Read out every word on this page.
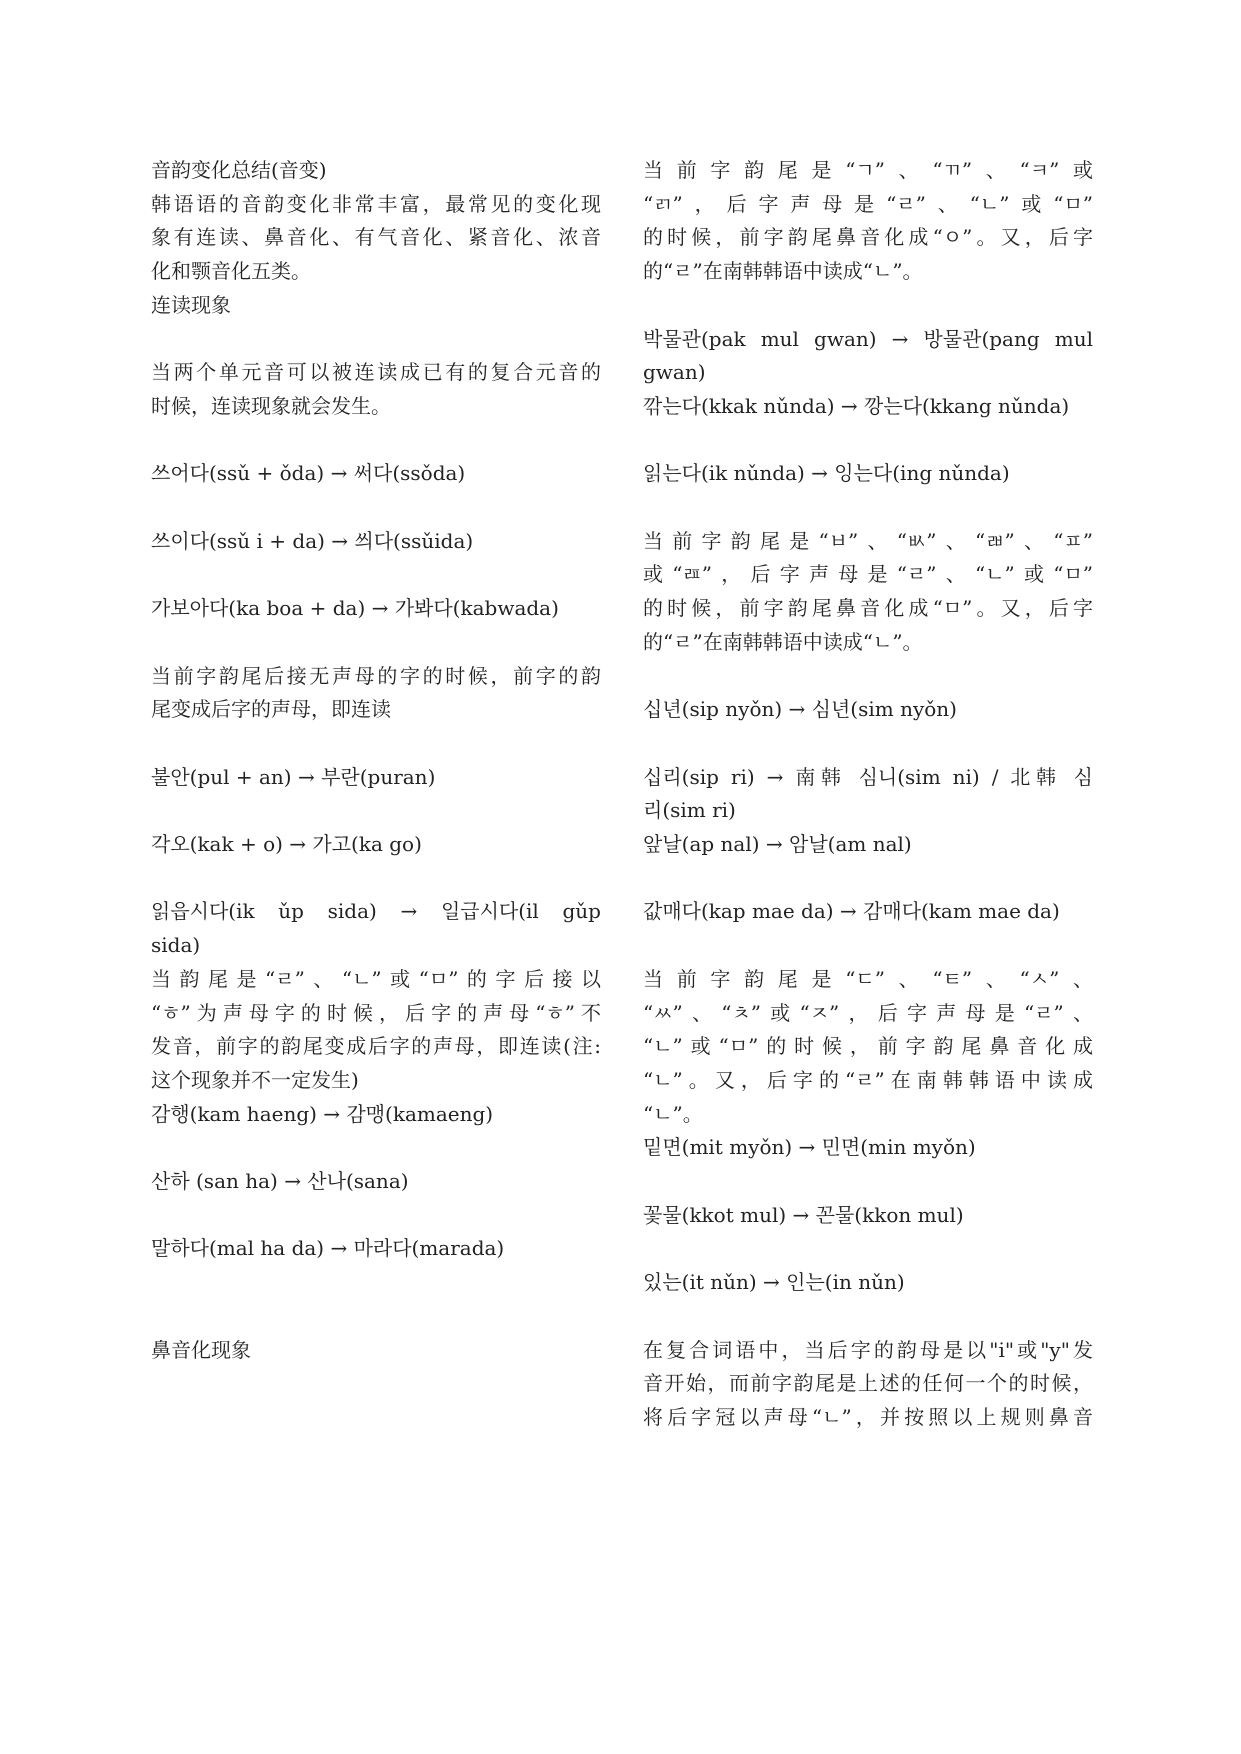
音韵变化总结(音变)
韩语语的音韵变化非常丰富，最常见的变化现
象有连读、鼻音化、有气音化、紧音化、浓音
化和颚音化五类。
连读现象
当两个单元音可以被连读成已有的复合元音的
时候，连读现象就会发生。
쓰어다(ssǔ + ǒda) → 써다(ssǒda)
쓰이다(ssǔ i + da) → 씌다(ssǔida)
가보아다(ka boa + da) → 가봐다(kabwada)
当前字韵尾后接无声母的字的时候，前字的韵
尾变成后字的声母，即连读
불안(pul + an) → 부란(puran)
각오(kak + o) → 가고(ka go)
읽읍시다(ik ǔp sida) → 일급시다(il gǔp
sida)
当韵尾是“ㄹ”、“ㄴ”或“ㅁ”的字后接以
“ㅎ”为声母字的时候，后字的声母“ㅎ”不
发音，前字的韵尾变成后字的声母，即连读(注:
这个现象并不一定发生)
감행(kam haeng) → 감맹(kamaeng)
산하 (san ha) → 산나(sana)
말하다(mal ha da) → 마라다(marada)
鼻音化现象
当前字韵尾是“ㄱ”、“ㄲ”、“ㅋ”或
“ㄺ”，后字声母是“ㄹ”、“ㄴ”或“ㅁ”
的时候，前字韵尾鼻音化成“ㅇ”。又，后字
的“ㄹ”在南韩韩语中读成“ㄴ”。
박물관(pak mul gwan) → 방물관(pang mul
gwan)
깎는다(kkak nǔnda) → 깡는다(kkang nǔnda)
읽는다(ik nǔnda) → 잉는다(ing nǔnda)
当前字韵尾是“ㅂ”、“ㅄ”、“ㄼ”、“ㅍ”
或“ㄿ”，后字声母是“ㄹ”、“ㄴ”或“ㅁ”
的时候，前字韵尾鼻音化成“ㅁ”。又，后字
的“ㄹ”在南韩韩语中读成“ㄴ”。
십년(sip nyǒn) → 심년(sim nyǒn)
십리(sip ri) → 南韩 심니(sim ni) / 北韩 심
리(sim ri)
앞날(ap nal) → 암날(am nal)
값매다(kap mae da) → 감매다(kam mae da)
当前字韵尾是“ㄷ”、“ㅌ”、“ㅅ”、
“ㅆ”、“ㅊ”或“ㅈ”，后字声母是“ㄹ”、
“ㄴ”或“ㅁ”的时候，前字韵尾鼻音化成
“ㄴ”。又，后字的“ㄹ”在南韩韩语中读成
“ㄴ”。
밑면(mit myǒn) → 민면(min myǒn)
꽃물(kkot mul) → 꼰물(kkon mul)
있는(it nǔn) → 인는(in nǔn)
在复合词语中，当后字的韵母是以"i"或"y"发
音开始，而前字韵尾是上述的任何一个的时候，
将后字冠以声母“ㄴ”，并按照以上规则鼻音
